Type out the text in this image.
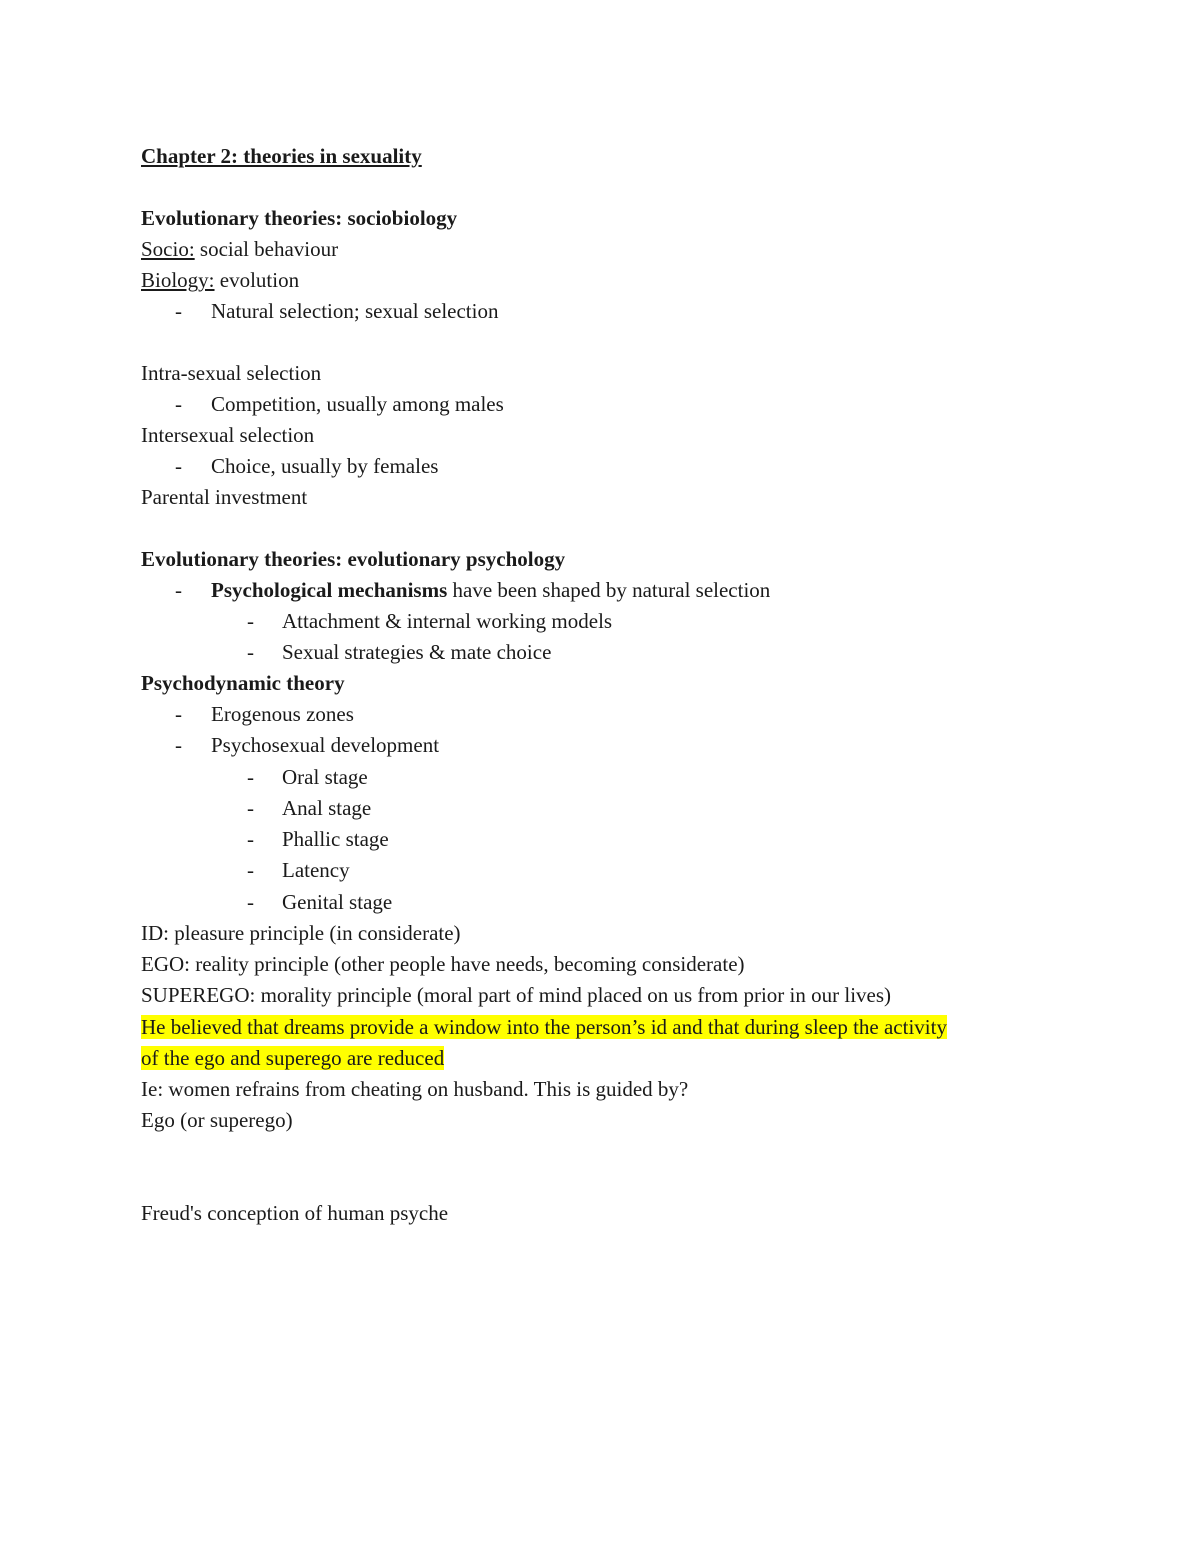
Chapter 2: theories in sexuality
Evolutionary theories: sociobiology
Socio: social behaviour
Biology: evolution
- Natural selection; sexual selection
Intra-sexual selection
- Competition, usually among males
Intersexual selection
- Choice, usually by females
Parental investment
Evolutionary theories: evolutionary psychology
- Psychological mechanisms have been shaped by natural selection
- Attachment & internal working models
- Sexual strategies & mate choice
Psychodynamic theory
- Erogenous zones
- Psychosexual development
- Oral stage
- Anal stage
- Phallic stage
- Latency
- Genital stage
ID: pleasure principle (in considerate)
EGO: reality principle (other people have needs, becoming considerate)
SUPEREGO: morality principle (moral part of mind placed on us from prior in our lives)
He believed that dreams provide a window into the person’s id and that during sleep the activity
of the ego and superego are reduced
Ie: women refrains from cheating on husband. This is guided by?
Ego (or superego)
Freud's conception of human psyche
